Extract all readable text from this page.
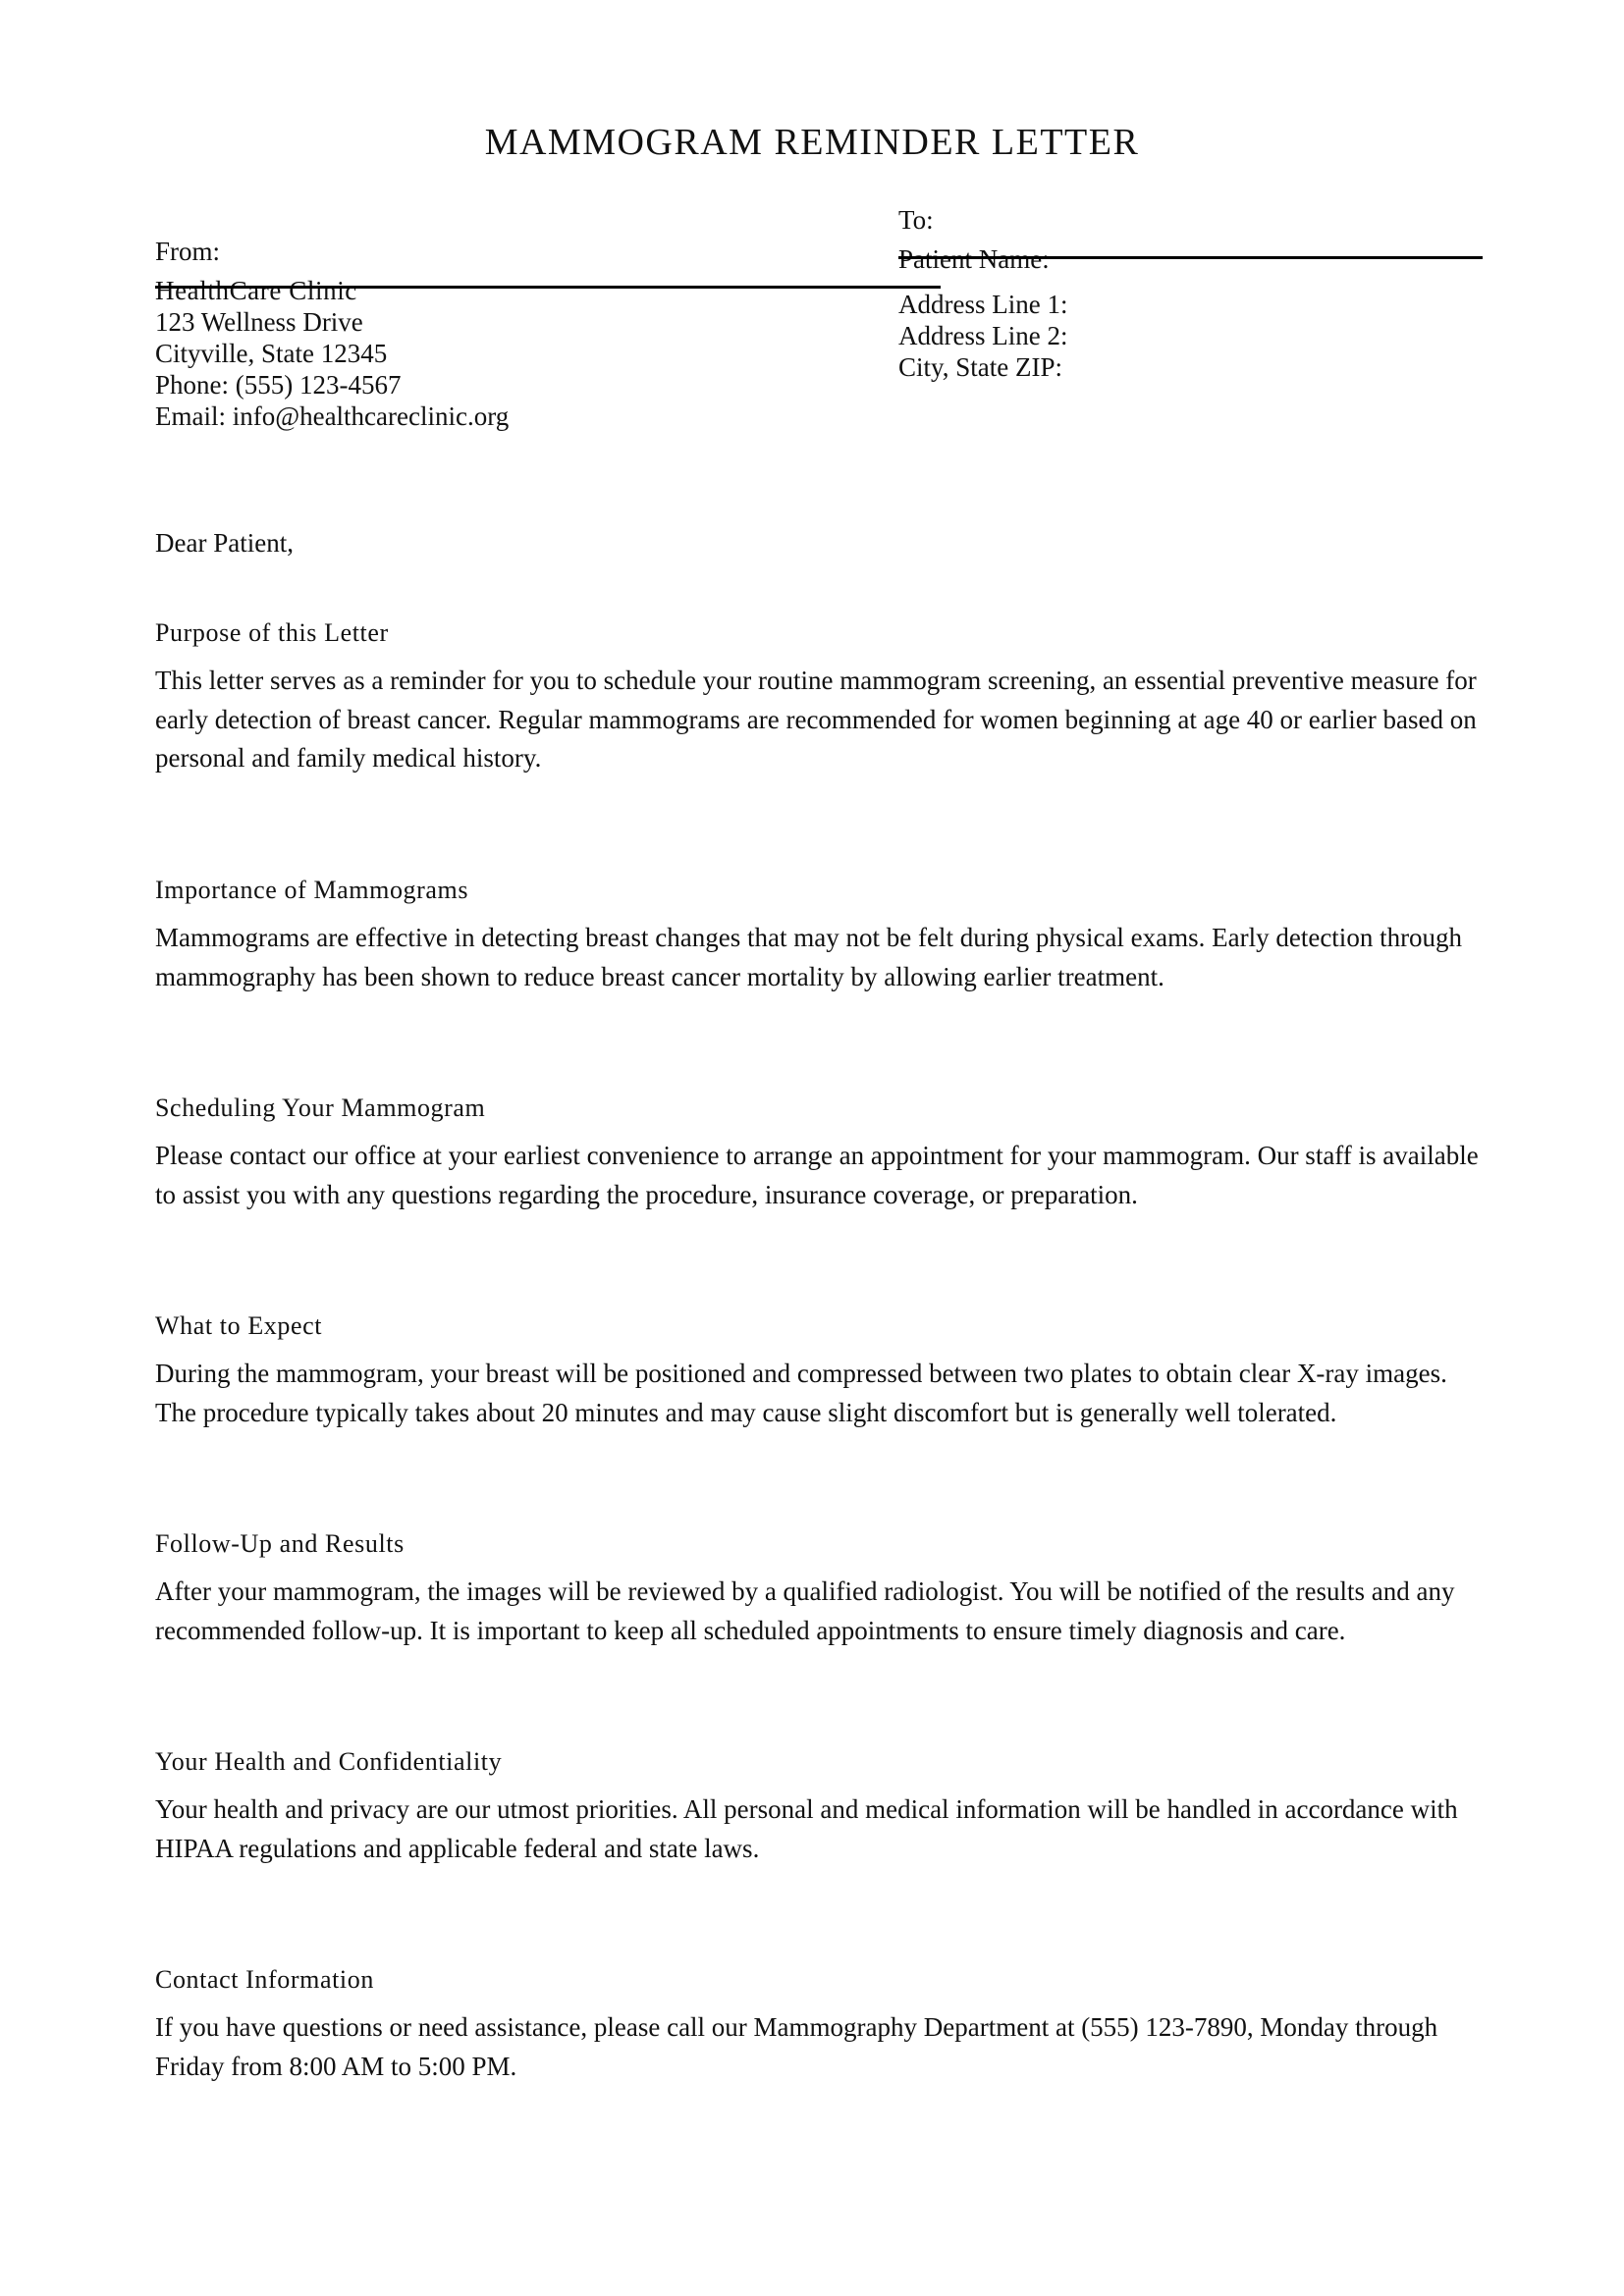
MAMMOGRAM REMINDER LETTER
From:
HealthCare Clinic
123 Wellness Drive
Cityville, State 12345
Phone: (555) 123-4567
Email: info@healthcareclinic.org
To:
Patient Name:
Address Line 1:
Address Line 2:
City, State ZIP:
Dear Patient,
Purpose of this Letter

This letter serves as a reminder for you to schedule your routine mammogram screening, an essential preventive measure for early detection of breast cancer. Regular mammograms are recommended for women beginning at age 40 or earlier based on personal and family medical history.

Importance of Mammograms

Mammograms are effective in detecting breast changes that may not be felt during physical exams. Early detection through mammography has been shown to reduce breast cancer mortality by allowing earlier treatment.

Scheduling Your Mammogram

Please contact our office at your earliest convenience to arrange an appointment for your mammogram. Our staff is available to assist you with any questions regarding the procedure, insurance coverage, or preparation.

What to Expect

During the mammogram, your breast will be positioned and compressed between two plates to obtain clear X-ray images. The procedure typically takes about 20 minutes and may cause slight discomfort but is generally well tolerated.

Follow-Up and Results

After your mammogram, the images will be reviewed by a qualified radiologist. You will be notified of the results and any recommended follow-up. It is important to keep all scheduled appointments to ensure timely diagnosis and care.

Your Health and Confidentiality

Your health and privacy are our utmost priorities. All personal and medical information will be handled in accordance with HIPAA regulations and applicable federal and state laws.

Contact Information

If you have questions or need assistance, please call our Mammography Department at (555) 123-7890, Monday through Friday from 8:00 AM to 5:00 PM.
